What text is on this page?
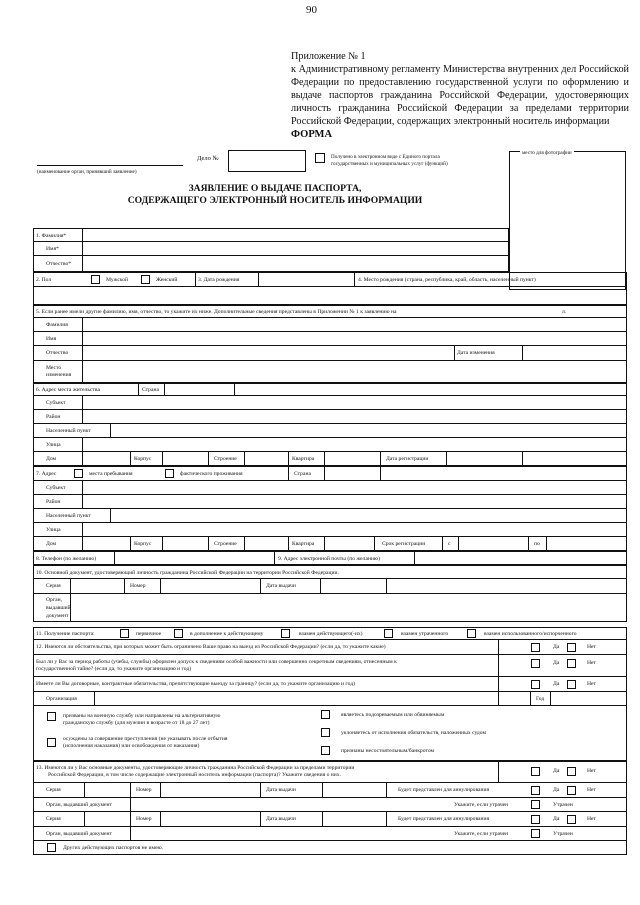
90
Приложение № 1
к Административному регламенту Министерства внутренних дел Российской Федерации по предоставлению государственной услуги по оформлению и выдаче паспортов гражданина Российской Федерации, удостоверяющих личность гражданина Российской Федерации за пределами территории Российской Федерации, содержащих электронный носитель информации
ФОРМА
(наименование орган, принявший заявление)
Дело №	Получено в электронном виде с Единого портала
государственных и муниципальных услуг (функций)
место для фотографии
ЗАЯВЛЕНИЕ О ВЫДАЧЕ ПАСПОРТА,
СОДЕРЖАЩЕГО ЭЛЕКТРОННЫЙ НОСИТЕЛЬ ИНФОРМАЦИИ
1. Фамилия*
Имя*
Отчество*
2. Пол	Мужской	Женский	3. Дата рождения	4. Место рождения (страна, республика, край, область, населенный пункт)
5. Если ранее имели другие фамилию, имя, отчество, то укажите их ниже. Дополнительные сведения представлены в Приложении № 1 к заявлению на	л.
Фамилия
Имя
Отчество	Дата изменения
Место
изменения
6. Адрес места жительства	Страна
Субъект
Район
Населенный пункт
Улица
Дом	Корпус	Строение	Квартира	Дата регистрации
7. Адрес	места пребывания	фактического проживания	Страна
Субъект
Район
Населенный пункт
Улица
Дом	Корпус	Строение	Квартира	Срок регистрации	с	по
8. Телефон (по желанию)	9. Адрес электронной почты (по желанию)
10. Основной документ, удостоверяющий личность гражданина Российской Федерации на территории Российской Федерации.
Серия	Номер	Дата выдачи
Орган,
выдавший
документ
11. Получение паспорта:	первичное	в дополнение к действующему	взамен действующего(-их)	взамен утраченного	взамен использованного/испорченного
12. Имеются ли обстоятельства, при которых может быть ограничено Ваше право на выезд из Российской Федерации? (если да, то укажите какие)	Да	Нет
Был ли у Вас за период работы (учебы, службы) оформлен допуск к сведениям особой важности или совершенно секретным сведениям, отнесенным к
государственной тайне? (если да, то укажите организацию и год)
Да	Нет
Имеете ли Вы договорные, контрактные обязательства, препятствующие выезду за границу? (если да, то укажите организацию и год)	Да	Нет
Организация	Год
призваны на военную службу или направлены на альтернативную
гражданскую службу (для мужчин в возрасте от 18 до 27 лет)
являетесь подозреваемым или обвиняемым
уклоняетесь от исполнения обязательств, наложенных судом
осуждены за совершение преступления (не указывать после отбытия
(исполнения наказания) или освобождения от наказания)
признаны несостоятельным/банкротом
13. Имеются ли у Вас основные документы, удостоверяющие личность гражданина Российской Федерации за пределами территории
Российской Федерации, в том числе содержащие электронный носитель информации (паспорта)? Укажите сведения о них.
Да	Нет
Серия	Номер	Дата выдачи	Будет представлен для аннулирования	Да	Нет
Орган, выдавший документ	Укажите, если утрачен	Утрачен
Серия	Номер	Дата выдачи	Будет представлен для аннулирования	Да	Нет
Орган, выдавший документ	Укажите, если утрачен	Утрачен
Других действующих паспортов не имею.
